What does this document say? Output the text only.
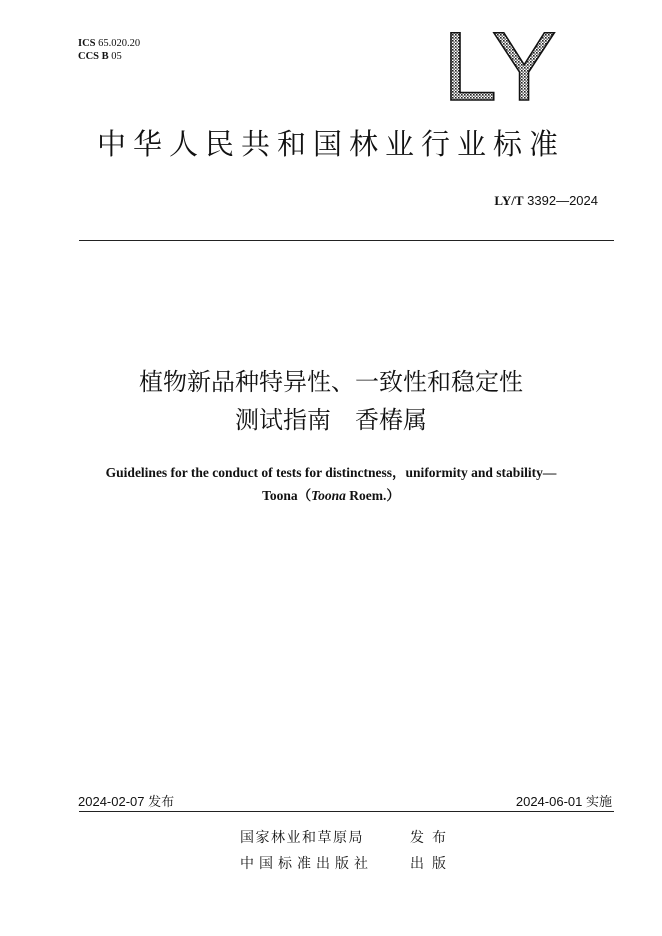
ICS 65.020.20
CCS B 05	LY
中华人民共和国林业行业标准
LY/T 3392—2024
植物新品种特异性、一致性和稳定性
测试指南　香椿属
Guidelines for the conduct of tests for distinctness，uniformity and stability—
Toona（Toona Roem.）
2024-02-07 发布	2024-06-01 实施
国家林业和草原局	发布
中国标准出版社	出版
